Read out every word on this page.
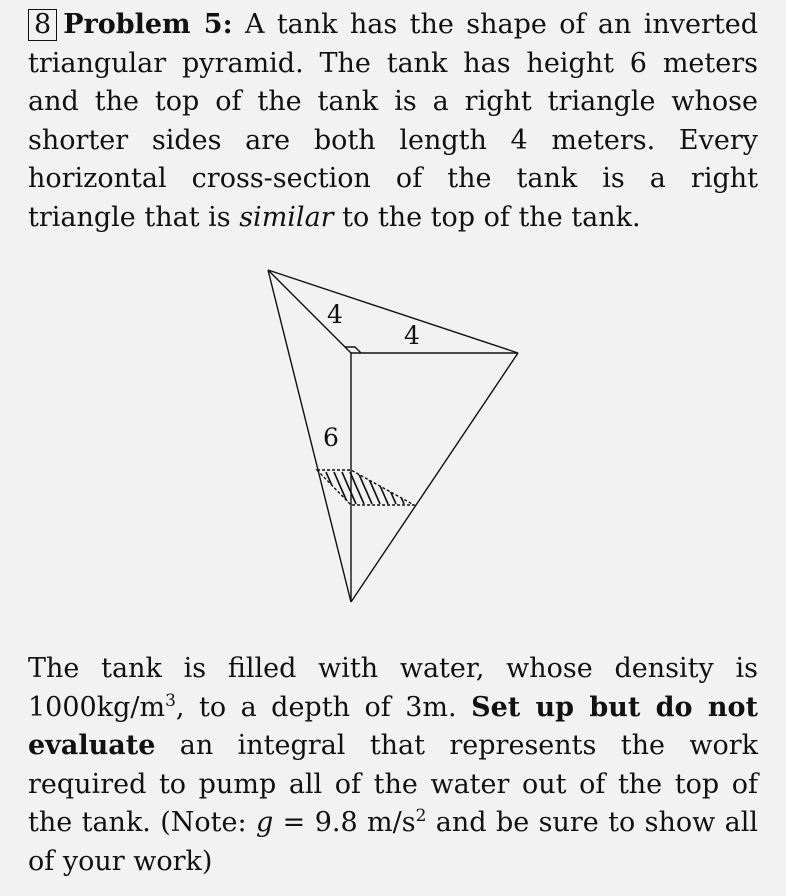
8 Problem 5: A tank has the shape of an inverted triangular pyramid. The tank has height 6 meters and the top of the tank is a right triangle whose shorter sides are both length 4 meters. Every horizontal cross-section of the tank is a right triangle that is similar to the top of the tank.
4
4
6
The tank is filled with water, whose density is $1000kg/m^3$, to a depth of 3m. Set up but do not evaluate an integral that represents the work required to pump all of the water out of the top of the tank. (Note: g = 9.8 $m/s^2$ and be sure to show all of your work)
